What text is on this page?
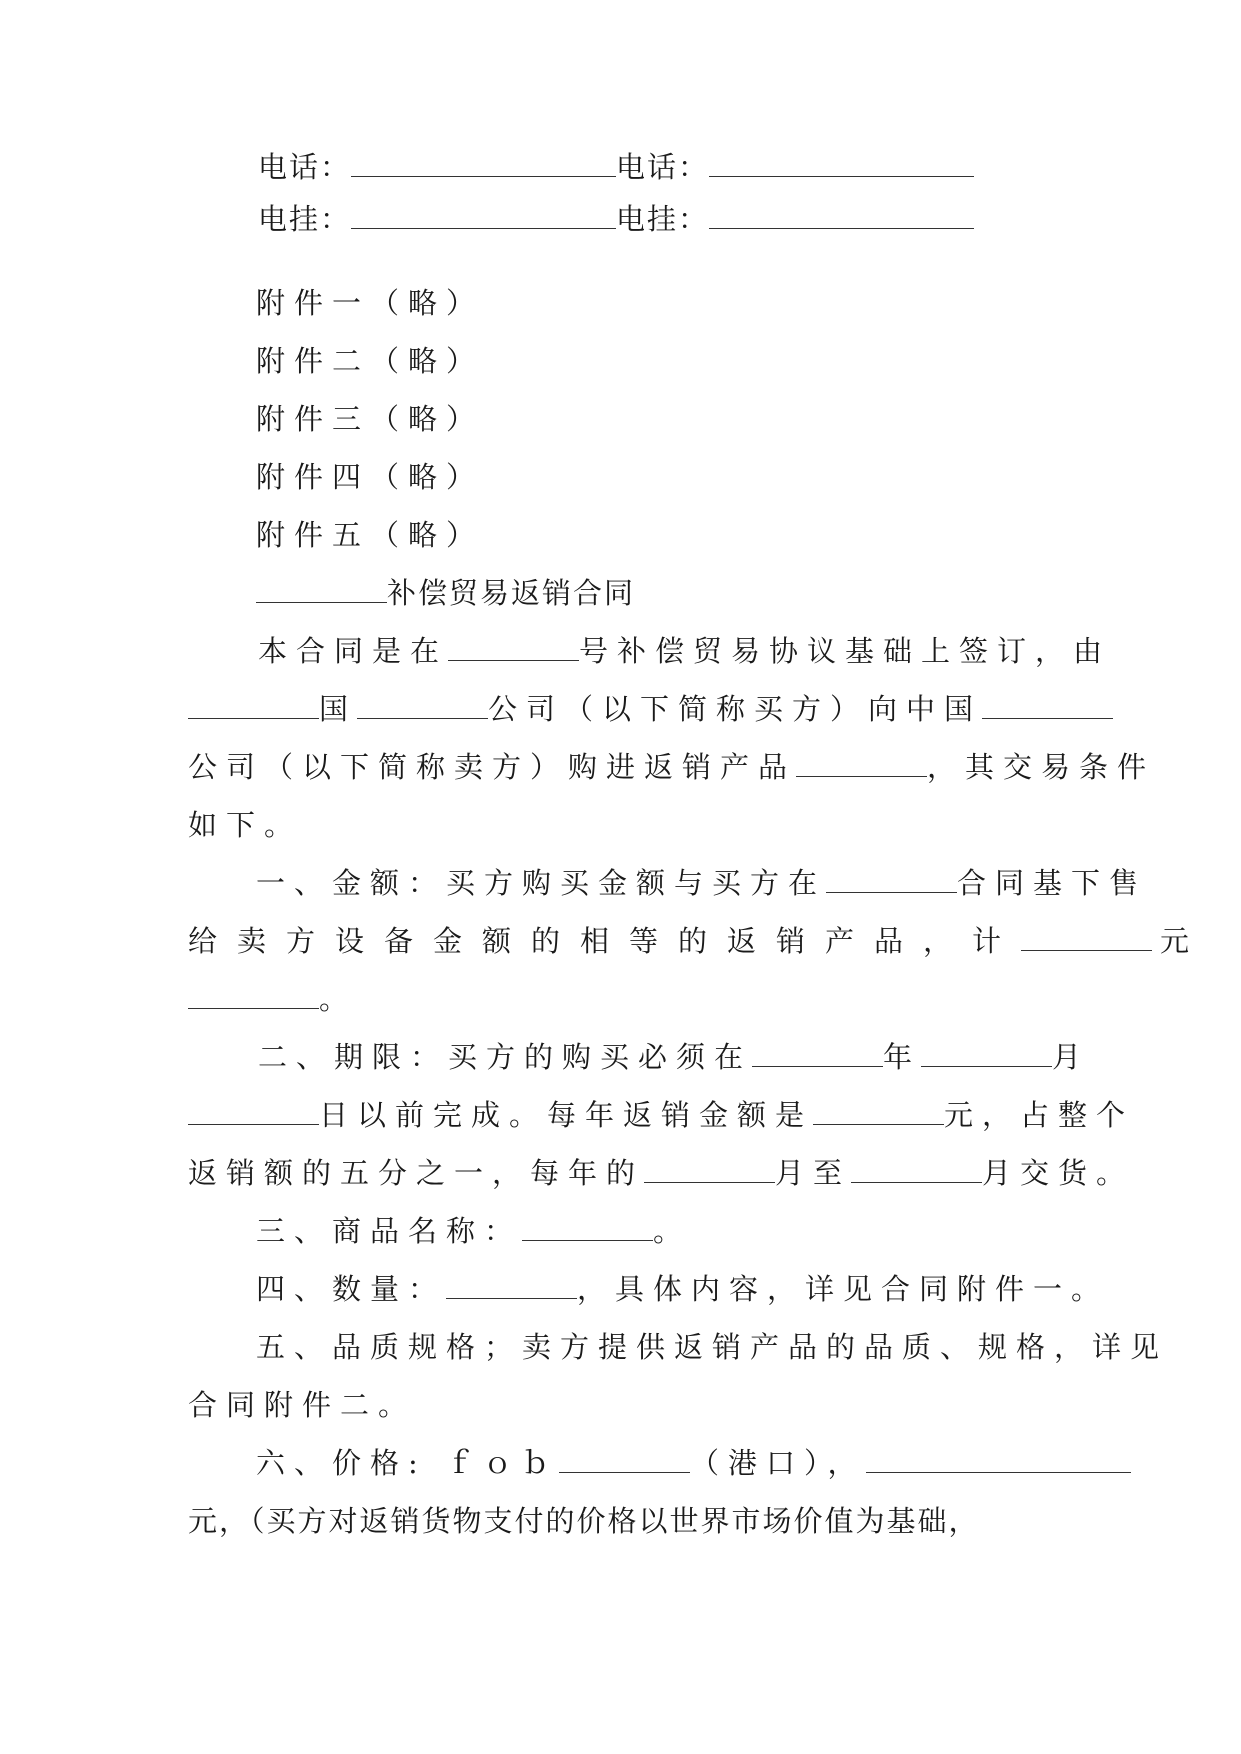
电话：	电话：
电挂：	电挂：
附件一（略）
附件二（略）
附件三（略）
附件四（略）
附件五（略）
补偿贸易返销合同
本合同是在	号补偿贸易协议基础上签订，由
国	公司（以下简称买方）向中国
公司（以下简称卖方）购进返销产品	，其交易条件
如下。
一、金额：买方购买金额与买方在	合同基下售
给卖方设备金额的相等的返销产品，计	元
。
二、期限：买方的购买必须在	年	月
日以前完成。每年返销金额是	元，占整个
返销额的五分之一，每年的	月至	月交货。
三、商品名称：	。
四、数量：	，具体内容，详见合同附件一。
五、品质规格；卖方提供返销产品的品质、规格，详见
合同附件二。
六、价格: ｆｏｂ	（港口），
元，（买方对返销货物支付的价格以世界市场价值为基础，
